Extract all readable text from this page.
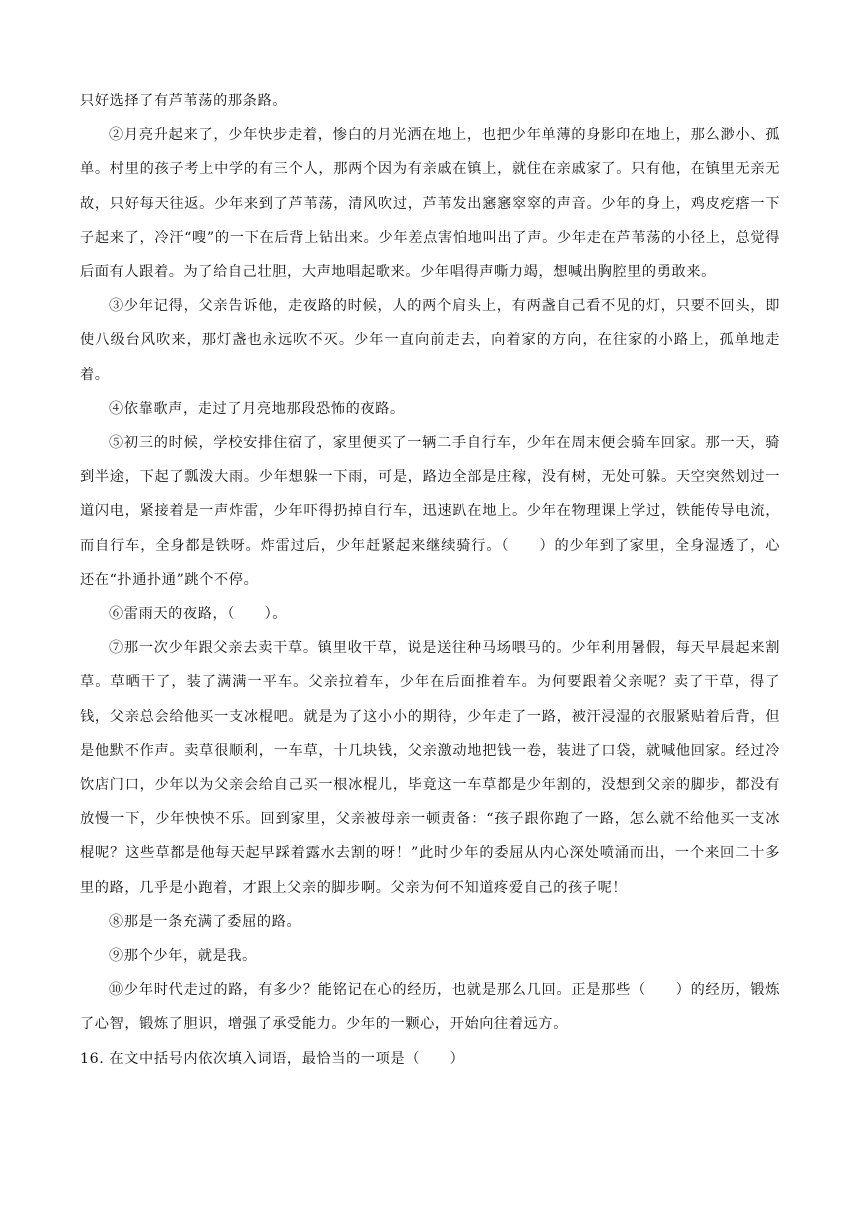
只好选择了有芦苇荡的那条路。

②月亮升起来了，少年快步走着，惨白的月光洒在地上，也把少年单薄的身影印在地上，那么渺小、孤单。村里的孩子考上中学的有三个人，那两个因为有亲戚在镇上，就住在亲戚家了。只有他，在镇里无亲无故，只好每天往返。少年来到了芦苇荡，清风吹过，芦苇发出窸窸窣窣的声音。少年的身上，鸡皮疙瘩一下子起来了，冷汗“嗖”的一下在后背上钻出来。少年差点害怕地叫出了声。少年走在芦苇荡的小径上，总觉得后面有人跟着。为了给自己壮胆，大声地唱起歌来。少年唱得声嘶力竭，想喊出胸腔里的勇敢来。

③少年记得，父亲告诉他，走夜路的时候，人的两个肩头上，有两盏自己看不见的灯，只要不回头，即使八级台风吹来，那灯盏也永远吹不灭。少年一直向前走去，向着家的方向，在往家的小路上，孤单地走着。

④依靠歌声，走过了月亮地那段恐怖的夜路。

⑤初三的时候，学校安排住宿了，家里便买了一辆二手自行车，少年在周末便会骑车回家。那一天，骑到半途，下起了瓢泼大雨。少年想躲一下雨，可是，路边全部是庄稼，没有树，无处可躲。天空突然划过一道闪电，紧接着是一声炸雷，少年吓得扔掉自行车，迅速趴在地上。少年在物理课上学过，铁能传导电流，而自行车，全身都是铁呀。炸雷过后，少年赶紧起来继续骑行。（　　）的少年到了家里，全身湿透了，心还在“扑通扑通”跳个不停。

⑥雷雨天的夜路，（　　）。

⑦那一次少年跟父亲去卖干草。镇里收干草，说是送往种马场喂马的。少年利用暑假，每天早晨起来割草。草晒干了，装了满满一平车。父亲拉着车，少年在后面推着车。为何要跟着父亲呢？卖了干草，得了钱，父亲总会给他买一支冰棍吧。就是为了这小小的期待，少年走了一路，被汗浸湿的衣服紧贴着后背，但是他默不作声。卖草很顺利，一车草，十几块钱，父亲激动地把钱一卷，装进了口袋，就喊他回家。经过冷饮店门口，少年以为父亲会给自己买一根冰棍儿，毕竟这一车草都是少年割的，没想到父亲的脚步，都没有放慢一下，少年怏怏不乐。回到家里，父亲被母亲一顿责备：“孩子跟你跑了一路，怎么就不给他买一支冰棍呢？这些草都是他每天起早踩着露水去割的呀！”此时少年的委屈从内心深处喷涌而出，一个来回二十多里的路，几乎是小跑着，才跟上父亲的脚步啊。父亲为何不知道疼爱自己的孩子呢！

⑧那是一条充满了委屈的路。

⑨那个少年，就是我。

⑩少年时代走过的路，有多少？能铭记在心的经历，也就是那么几回。正是那些（　　）的经历，锻炼了心智，锻炼了胆识，增强了承受能力。少年的一颗心，开始向往着远方。

16. 在文中括号内依次填入词语，最恰当的一项是（　　）
